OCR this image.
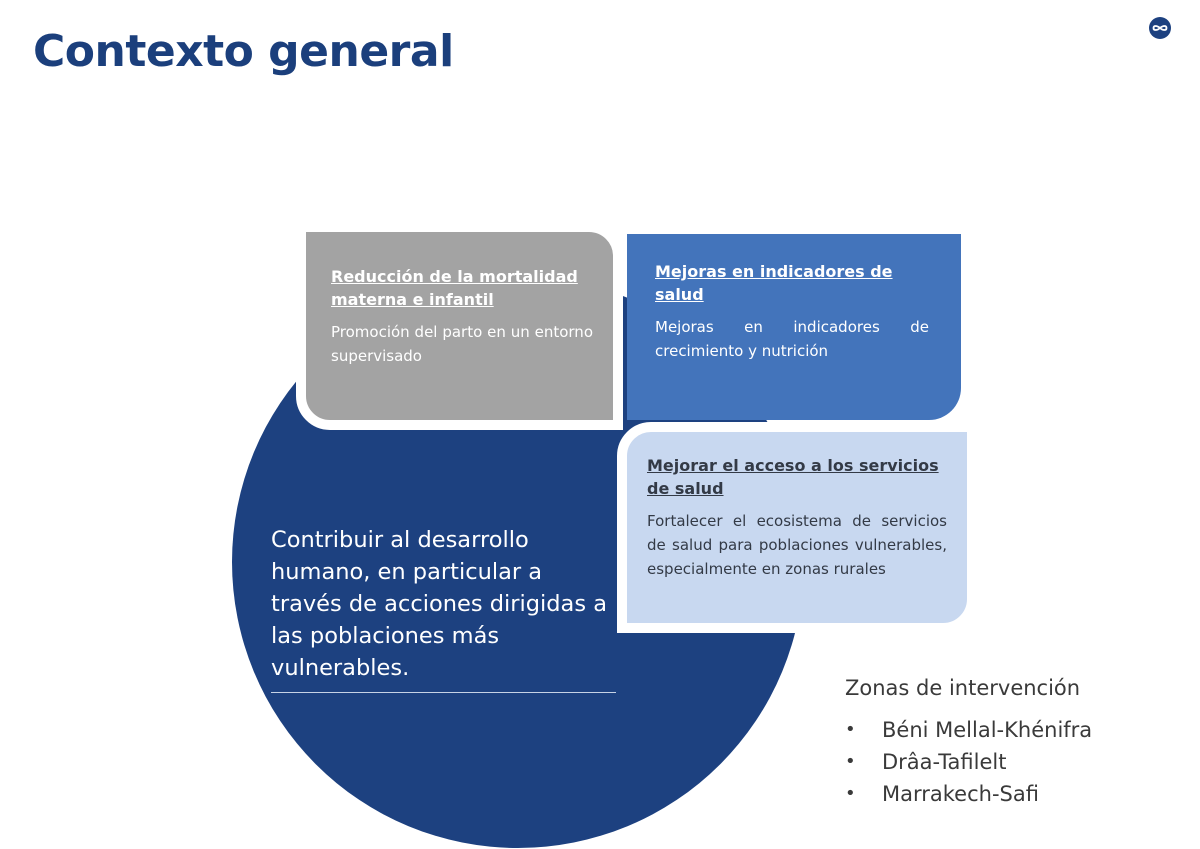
Contexto general
Contribuir al desarrollo humano, en particular a través de acciones dirigidas a las poblaciones más vulnerables.
Reducción de la mortalidad materna e infantil
Promoción del parto en un entorno supervisado
Mejoras en indicadores de salud
Mejoras en indicadores de crecimiento y nutrición
Mejorar el acceso a los servicios de salud
Fortalecer el ecosistema de servicios de salud para poblaciones vulnerables, especialmente en zonas rurales
Zonas de intervención
• Béni Mellal-Khénifra
• Drâa-Tafilelt
• Marrakech-Safi
